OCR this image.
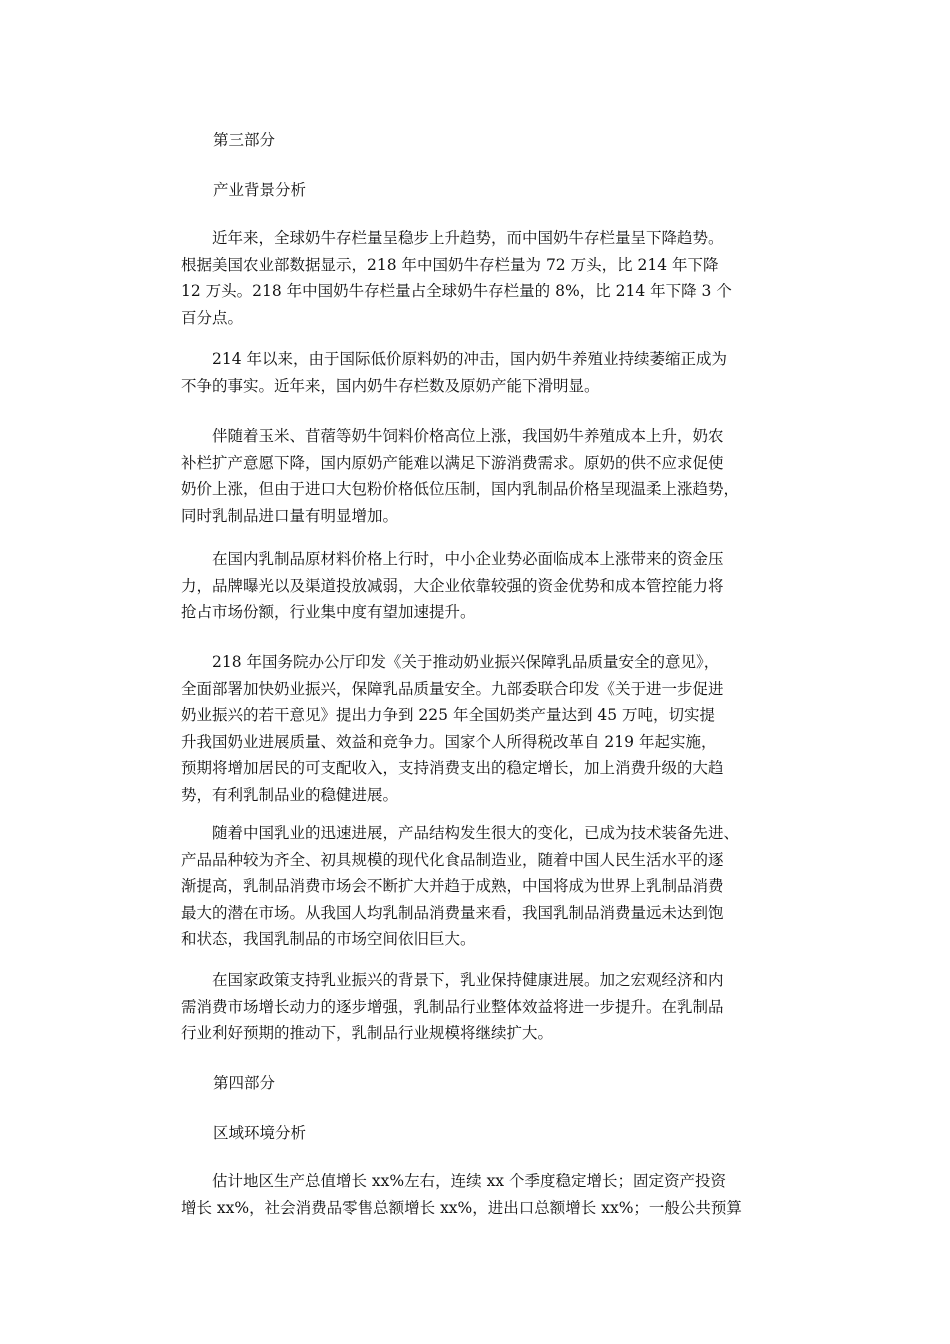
第三部分
产业背景分析
　　近年来，全球奶牛存栏量呈稳步上升趋势，而中国奶牛存栏量呈下降趋势。
根据美国农业部数据显示，218 年中国奶牛存栏量为 72 万头，比 214 年下降
12 万头。218 年中国奶牛存栏量占全球奶牛存栏量的 8%，比 214 年下降 3 个
百分点。
　　214 年以来，由于国际低价原料奶的冲击，国内奶牛养殖业持续萎缩正成为
不争的事实。近年来，国内奶牛存栏数及原奶产能下滑明显。
　　伴随着玉米、苜蓿等奶牛饲料价格高位上涨，我国奶牛养殖成本上升，奶农
补栏扩产意愿下降，国内原奶产能难以满足下游消费需求。原奶的供不应求促使
奶价上涨，但由于进口大包粉价格低位压制，国内乳制品价格呈现温柔上涨趋势，
同时乳制品进口量有明显增加。
　　在国内乳制品原材料价格上行时，中小企业势必面临成本上涨带来的资金压
力，品牌曝光以及渠道投放减弱，大企业依靠较强的资金优势和成本管控能力将
抢占市场份额，行业集中度有望加速提升。
　　218 年国务院办公厅印发《关于推动奶业振兴保障乳品质量安全的意见》，
全面部署加快奶业振兴，保障乳品质量安全。九部委联合印发《关于进一步促进
奶业振兴的若干意见》提出力争到 225 年全国奶类产量达到 45 万吨，切实提
升我国奶业进展质量、效益和竞争力。国家个人所得税改革自 219 年起实施，
预期将增加居民的可支配收入，支持消费支出的稳定增长，加上消费升级的大趋
势，有利乳制品业的稳健进展。
　　随着中国乳业的迅速进展，产品结构发生很大的变化，已成为技术装备先进、
产品品种较为齐全、初具规模的现代化食品制造业，随着中国人民生活水平的逐
渐提高，乳制品消费市场会不断扩大并趋于成熟，中国将成为世界上乳制品消费
最大的潜在市场。从我国人均乳制品消费量来看，我国乳制品消费量远未达到饱
和状态，我国乳制品的市场空间依旧巨大。
　　在国家政策支持乳业振兴的背景下，乳业保持健康进展。加之宏观经济和内
需消费市场增长动力的逐步增强，乳制品行业整体效益将进一步提升。在乳制品
行业利好预期的推动下，乳制品行业规模将继续扩大。
第四部分
区域环境分析
　　估计地区生产总值增长 xx%左右，连续 xx 个季度稳定增长；固定资产投资
增长 xx%，社会消费品零售总额增长 xx%，进出口总额增长 xx%；一般公共预算
